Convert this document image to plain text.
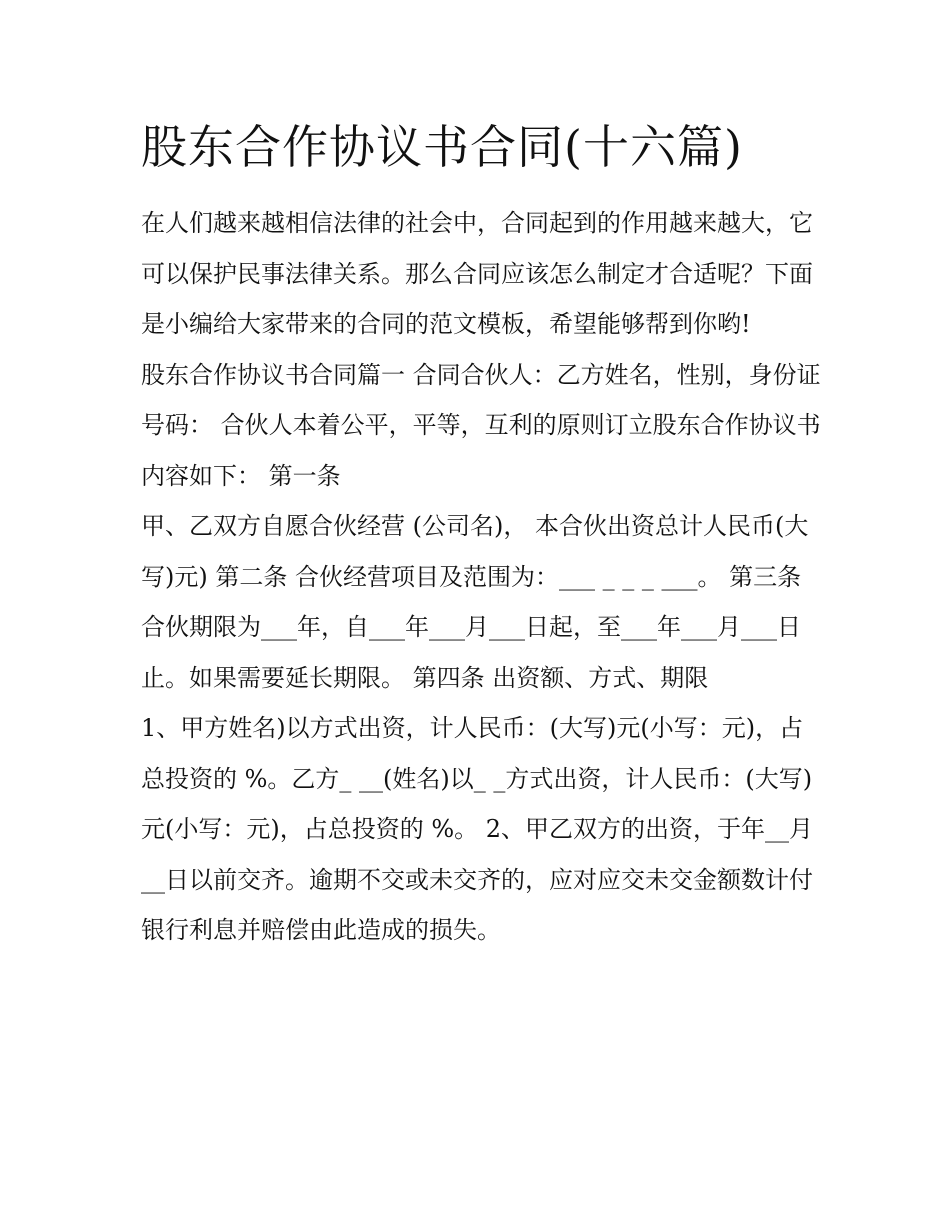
股东合作协议书合同(十六篇)

在人们越来越相信法律的社会中，合同起到的作用越来越大，它可以保护民事法律关系。那么合同应该怎么制定才合适呢？下面是小编给大家带来的合同的范文模板，希望能够帮到你哟!

股东合作协议书合同篇一 合同合伙人：乙方姓名，性别，身份证号码： 合伙人本着公平，平等，互利的原则订立股东合作协议书内容如下： 第一条

甲、乙双方自愿合伙经营 (公司名)， 本合伙出资总计人民币(大写)元) 第二条 合伙经营项目及范围为：___ _ _ _ ___。 第三条

合伙期限为___年，自___年___月___日起，至___年___月___日止。如果需要延长期限。 第四条 出资额、方式、期限

1、甲方姓名)以方式出资，计人民币：(大写)元(小写：元)，占总投资的 %。乙方_ __(姓名)以_ _方式出资，计人民币：(大写)

元(小写：元)，占总投资的 %。 2、甲乙双方的出资，于年__月__日以前交齐。逾期不交或未交齐的，应对应交未交金额数计付银行利息并赔偿由此造成的损失。
